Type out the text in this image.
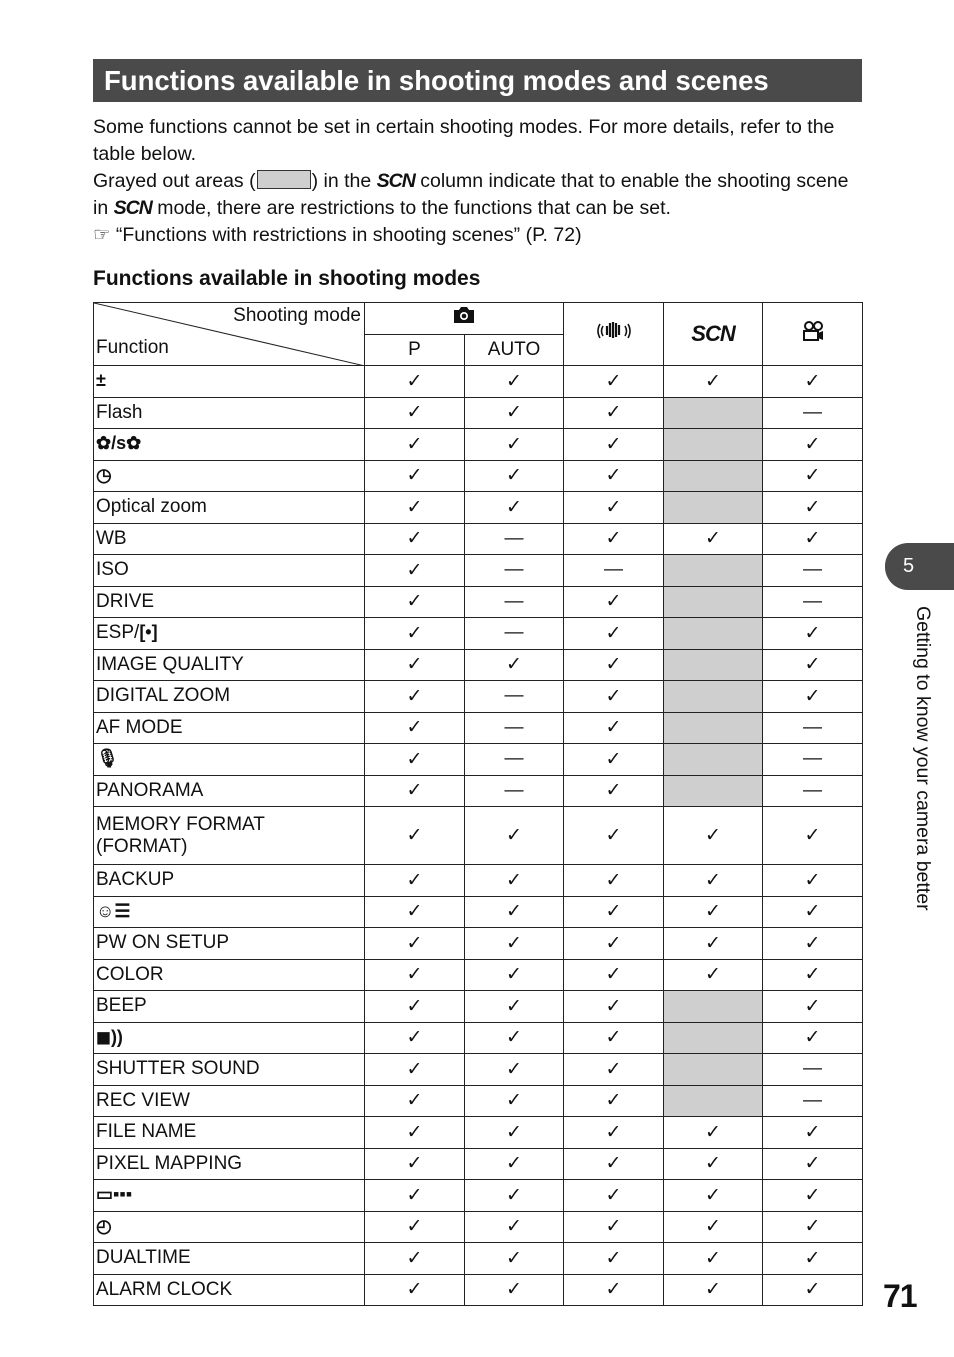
Functions available in shooting modes and scenes

Some functions cannot be set in certain shooting modes. For more details, refer to the table below.

Grayed out areas (	) in the SCN column indicate that to enable the shooting scene in SCN mode, there are restrictions to the functions that can be set.

☞ “Functions with restrictions in shooting scenes” (P. 72)

Functions available in shooting modes
Shooting mode
Function				SCN	
	P	AUTO			
±	✓	✓	✓	✓	✓
Flash	✓	✓	✓		—
✿/s✿	✓	✓	✓		✓
◷	✓	✓	✓		✓
Optical zoom	✓	✓	✓		✓
WB	✓	—	✓	✓	✓
ISO	✓	—	—		—
DRIVE	✓	—	✓		—
ESP/[•]	✓	—	✓		✓
IMAGE QUALITY	✓	✓	✓		✓
DIGITAL ZOOM	✓	—	✓		✓
AF MODE	✓	—	✓		—
🎙	✓	—	✓		—
PANORAMA	✓	—	✓		—
MEMORY FORMAT
(FORMAT)	✓	✓	✓	✓	✓
BACKUP	✓	✓	✓	✓	✓
☺☰	✓	✓	✓	✓	✓
PW ON SETUP	✓	✓	✓	✓	✓
COLOR	✓	✓	✓	✓	✓
BEEP	✓	✓	✓		✓
◼))	✓	✓	✓		✓
SHUTTER SOUND	✓	✓	✓		—
REC VIEW	✓	✓	✓		—
FILE NAME	✓	✓	✓	✓	✓
PIXEL MAPPING	✓	✓	✓	✓	✓
▭▪▪▪	✓	✓	✓	✓	✓
◴	✓	✓	✓	✓	✓
DUALTIME	✓	✓	✓	✓	✓
ALARM CLOCK	✓	✓	✓	✓	✓
5
Getting to know your camera better
71
